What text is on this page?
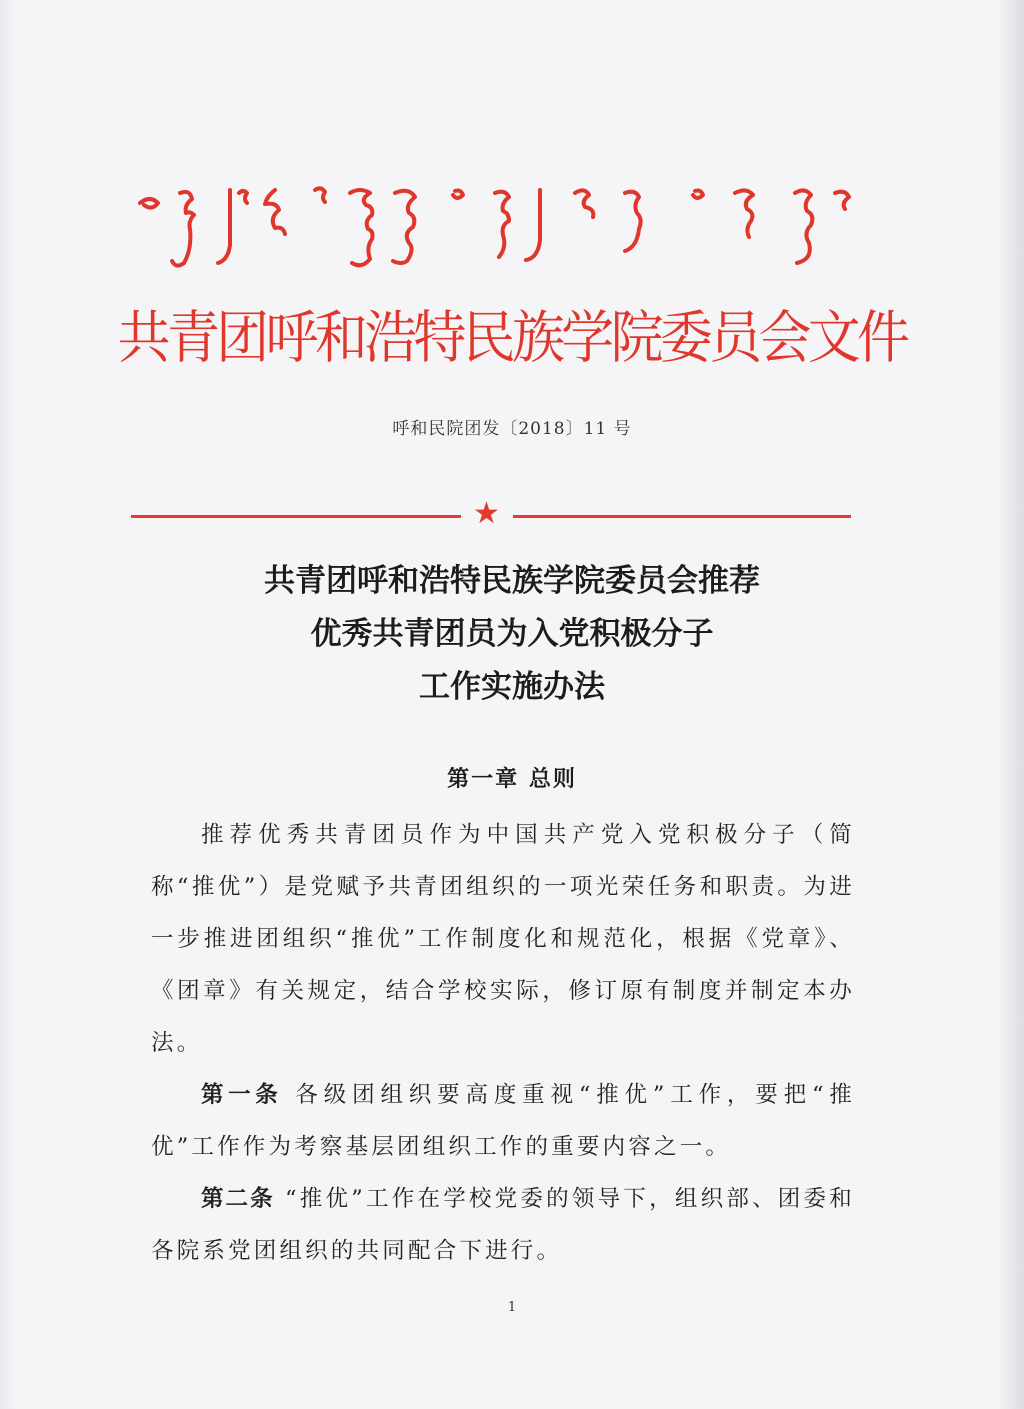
共青团呼和浩特民族学院委员会文件
呼和民院团发〔2018〕11 号
★
共青团呼和浩特民族学院委员会推荐
优秀共青团员为入党积极分子
工作实施办法
第一章 总则

推荐优秀共青团员作为中国共产党入党积极分子（简称“推优”）是党赋予共青团组织的一项光荣任务和职责。为进一步推进团组织“推优”工作制度化和规范化，根据《党章》、《团章》有关规定，结合学校实际，修订原有制度并制定本办法。

第一条 各级团组织要高度重视“推优”工作，要把“推优”工作作为考察基层团组织工作的重要内容之一。

第二条 “推优”工作在学校党委的领导下，组织部、团委和各院系党团组织的共同配合下进行。

1
